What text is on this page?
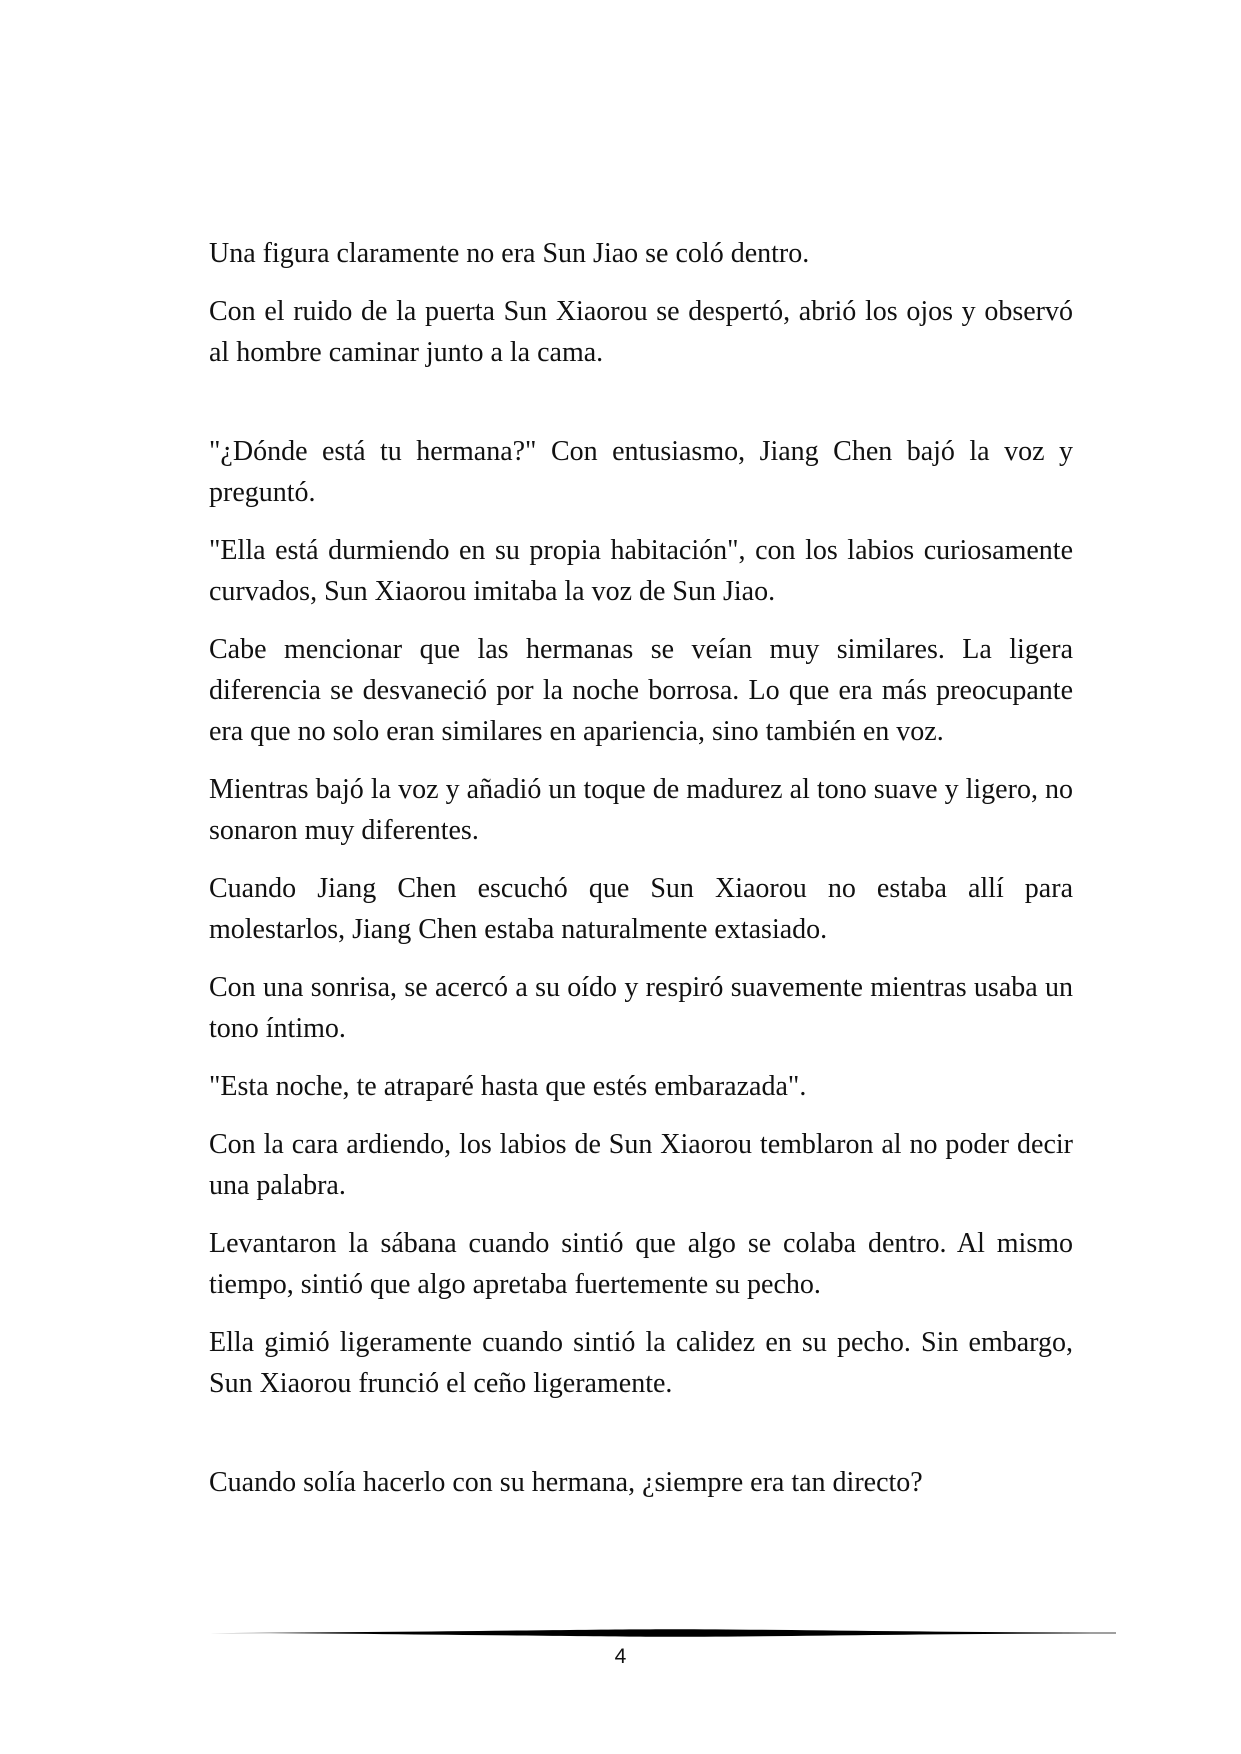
Una figura claramente no era Sun Jiao se coló dentro.

Con el ruido de la puerta Sun Xiaorou se despertó, abrió los ojos y observó al hombre caminar junto a la cama.

"¿Dónde está tu hermana?" Con entusiasmo, Jiang Chen bajó la voz y preguntó.

"Ella está durmiendo en su propia habitación", con los labios curiosamente curvados, Sun Xiaorou imitaba la voz de Sun Jiao.

Cabe mencionar que las hermanas se veían muy similares. La ligera diferencia se desvaneció por la noche borrosa. Lo que era más preocupante era que no solo eran similares en apariencia, sino también en voz.

Mientras bajó la voz y añadió un toque de madurez al tono suave y ligero, no sonaron muy diferentes.

Cuando Jiang Chen escuchó que Sun Xiaorou no estaba allí para molestarlos, Jiang Chen estaba naturalmente extasiado.

Con una sonrisa, se acercó a su oído y respiró suavemente mientras usaba un tono íntimo.

"Esta noche, te atraparé hasta que estés embarazada".

Con la cara ardiendo, los labios de Sun Xiaorou temblaron al no poder decir una palabra.

Levantaron la sábana cuando sintió que algo se colaba dentro. Al mismo tiempo, sintió que algo apretaba fuertemente su pecho.

Ella gimió ligeramente cuando sintió la calidez en su pecho. Sin embargo, Sun Xiaorou frunció el ceño ligeramente.

Cuando solía hacerlo con su hermana, ¿siempre era tan directo?

4
